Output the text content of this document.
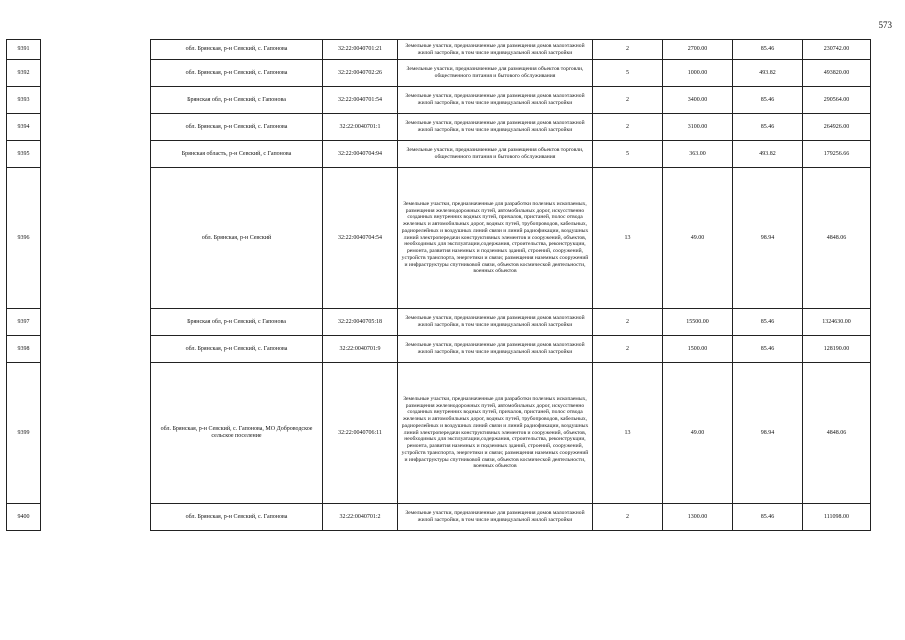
573
9391		обл. Брянская, р-н Севский, с. Гапонова	32:22:0040701:21	Земельные участки, предназначенные для размещения домов малоэтажной жилой застройки, в том числе индивидуальной жилой застройки	2	2700.00	85.46	230742.00
9392		обл. Брянская, р-н Севский, с. Гапонова	32:22:0040702:26	Земельные участки, предназначенные для размещения объектов торговли, общественного питания и бытового обслуживания	5	1000.00	493.82	493820.00
9393		Брянская обл, р-н Севский, с Гапонова	32:22:0040701:54	Земельные участки, предназначенные для размещения домов малоэтажной жилой застройки, в том числе индивидуальной жилой застройки	2	3400.00	85.46	290564.00
9394		обл. Брянская, р-н Севский, с. Гапонова	32:22:0040701:1	Земельные участки, предназначенные для размещения домов малоэтажной жилой застройки, в том числе индивидуальной жилой застройки	2	3100.00	85.46	264926.00
9395		Брянская область, р-н Севский, с Гапонова	32:22:0040704:94	Земельные участки, предназначенные для размещения объектов торговли, общественного питания и бытового обслуживания	5	363.00	493.82	179256.66
9396		обл. Брянская, р-н Севский	32:22:0040704:54	Земельные участки, предназначенные для разработки полезных ископаемых, размещения железнодорожных путей, автомобильных дорог, искусственно созданных внутренних водных путей, причалов, пристаней, полос отвода железных и автомобильных дорог, водных путей, трубопроводов, кабельных, радиорелейных и воздушных линий связи и линий радиофикации, воздушных линий электропередачи конструктивных элементов и сооружений, объектов, необходимых для эксплуатации,содержания, строительства, реконструкции, ремонта, развития наземных и подземных зданий, строений, сооружений, устройств транспорта, энергетики и связи; размещения наземных сооружений и инфраструктуры спутниковой связи, объектов космической деятельности, военных объектов	13	49.00	98.94	4848.06
9397		Брянская обл, р-н Севский, с Гапонова	32:22:0040705:18	Земельные участки, предназначенные для размещения домов малоэтажной жилой застройки, в том числе индивидуальной жилой застройки	2	15500.00	85.46	1324630.00
9398		обл. Брянская, р-н Севский, с. Гапонова	32:22:0040701:9	Земельные участки, предназначенные для размещения домов малоэтажной жилой застройки, в том числе индивидуальной жилой застройки	2	1500.00	85.46	128190.00
9399		обл. Брянская, р-н Севский, с. Гапонова, МО Доброводское сельское поселение	32:22:0040706:11	Земельные участки, предназначенные для разработки полезных ископаемых, размещения железнодорожных путей, автомобильных дорог, искусственно созданных внутренних водных путей, причалов, пристаней, полос отвода железных и автомобильных дорог, водных путей, трубопроводов, кабельных, радиорелейных и воздушных линий связи и линий радиофикации, воздушных линий электропередачи конструктивных элементов и сооружений, объектов, необходимых для эксплуатации,содержания, строительства, реконструкции, ремонта, развития наземных и подземных зданий, строений, сооружений, устройств транспорта, энергетики и связи; размещения наземных сооружений и инфраструктуры спутниковой связи, объектов космической деятельности, военных объектов	13	49.00	98.94	4848.06
9400		обл. Брянская, р-н Севский, с. Гапонова	32:22:0040701:2	Земельные участки, предназначенные для размещения домов малоэтажной жилой застройки, в том числе индивидуальной жилой застройки	2	1300.00	85.46	111098.00
